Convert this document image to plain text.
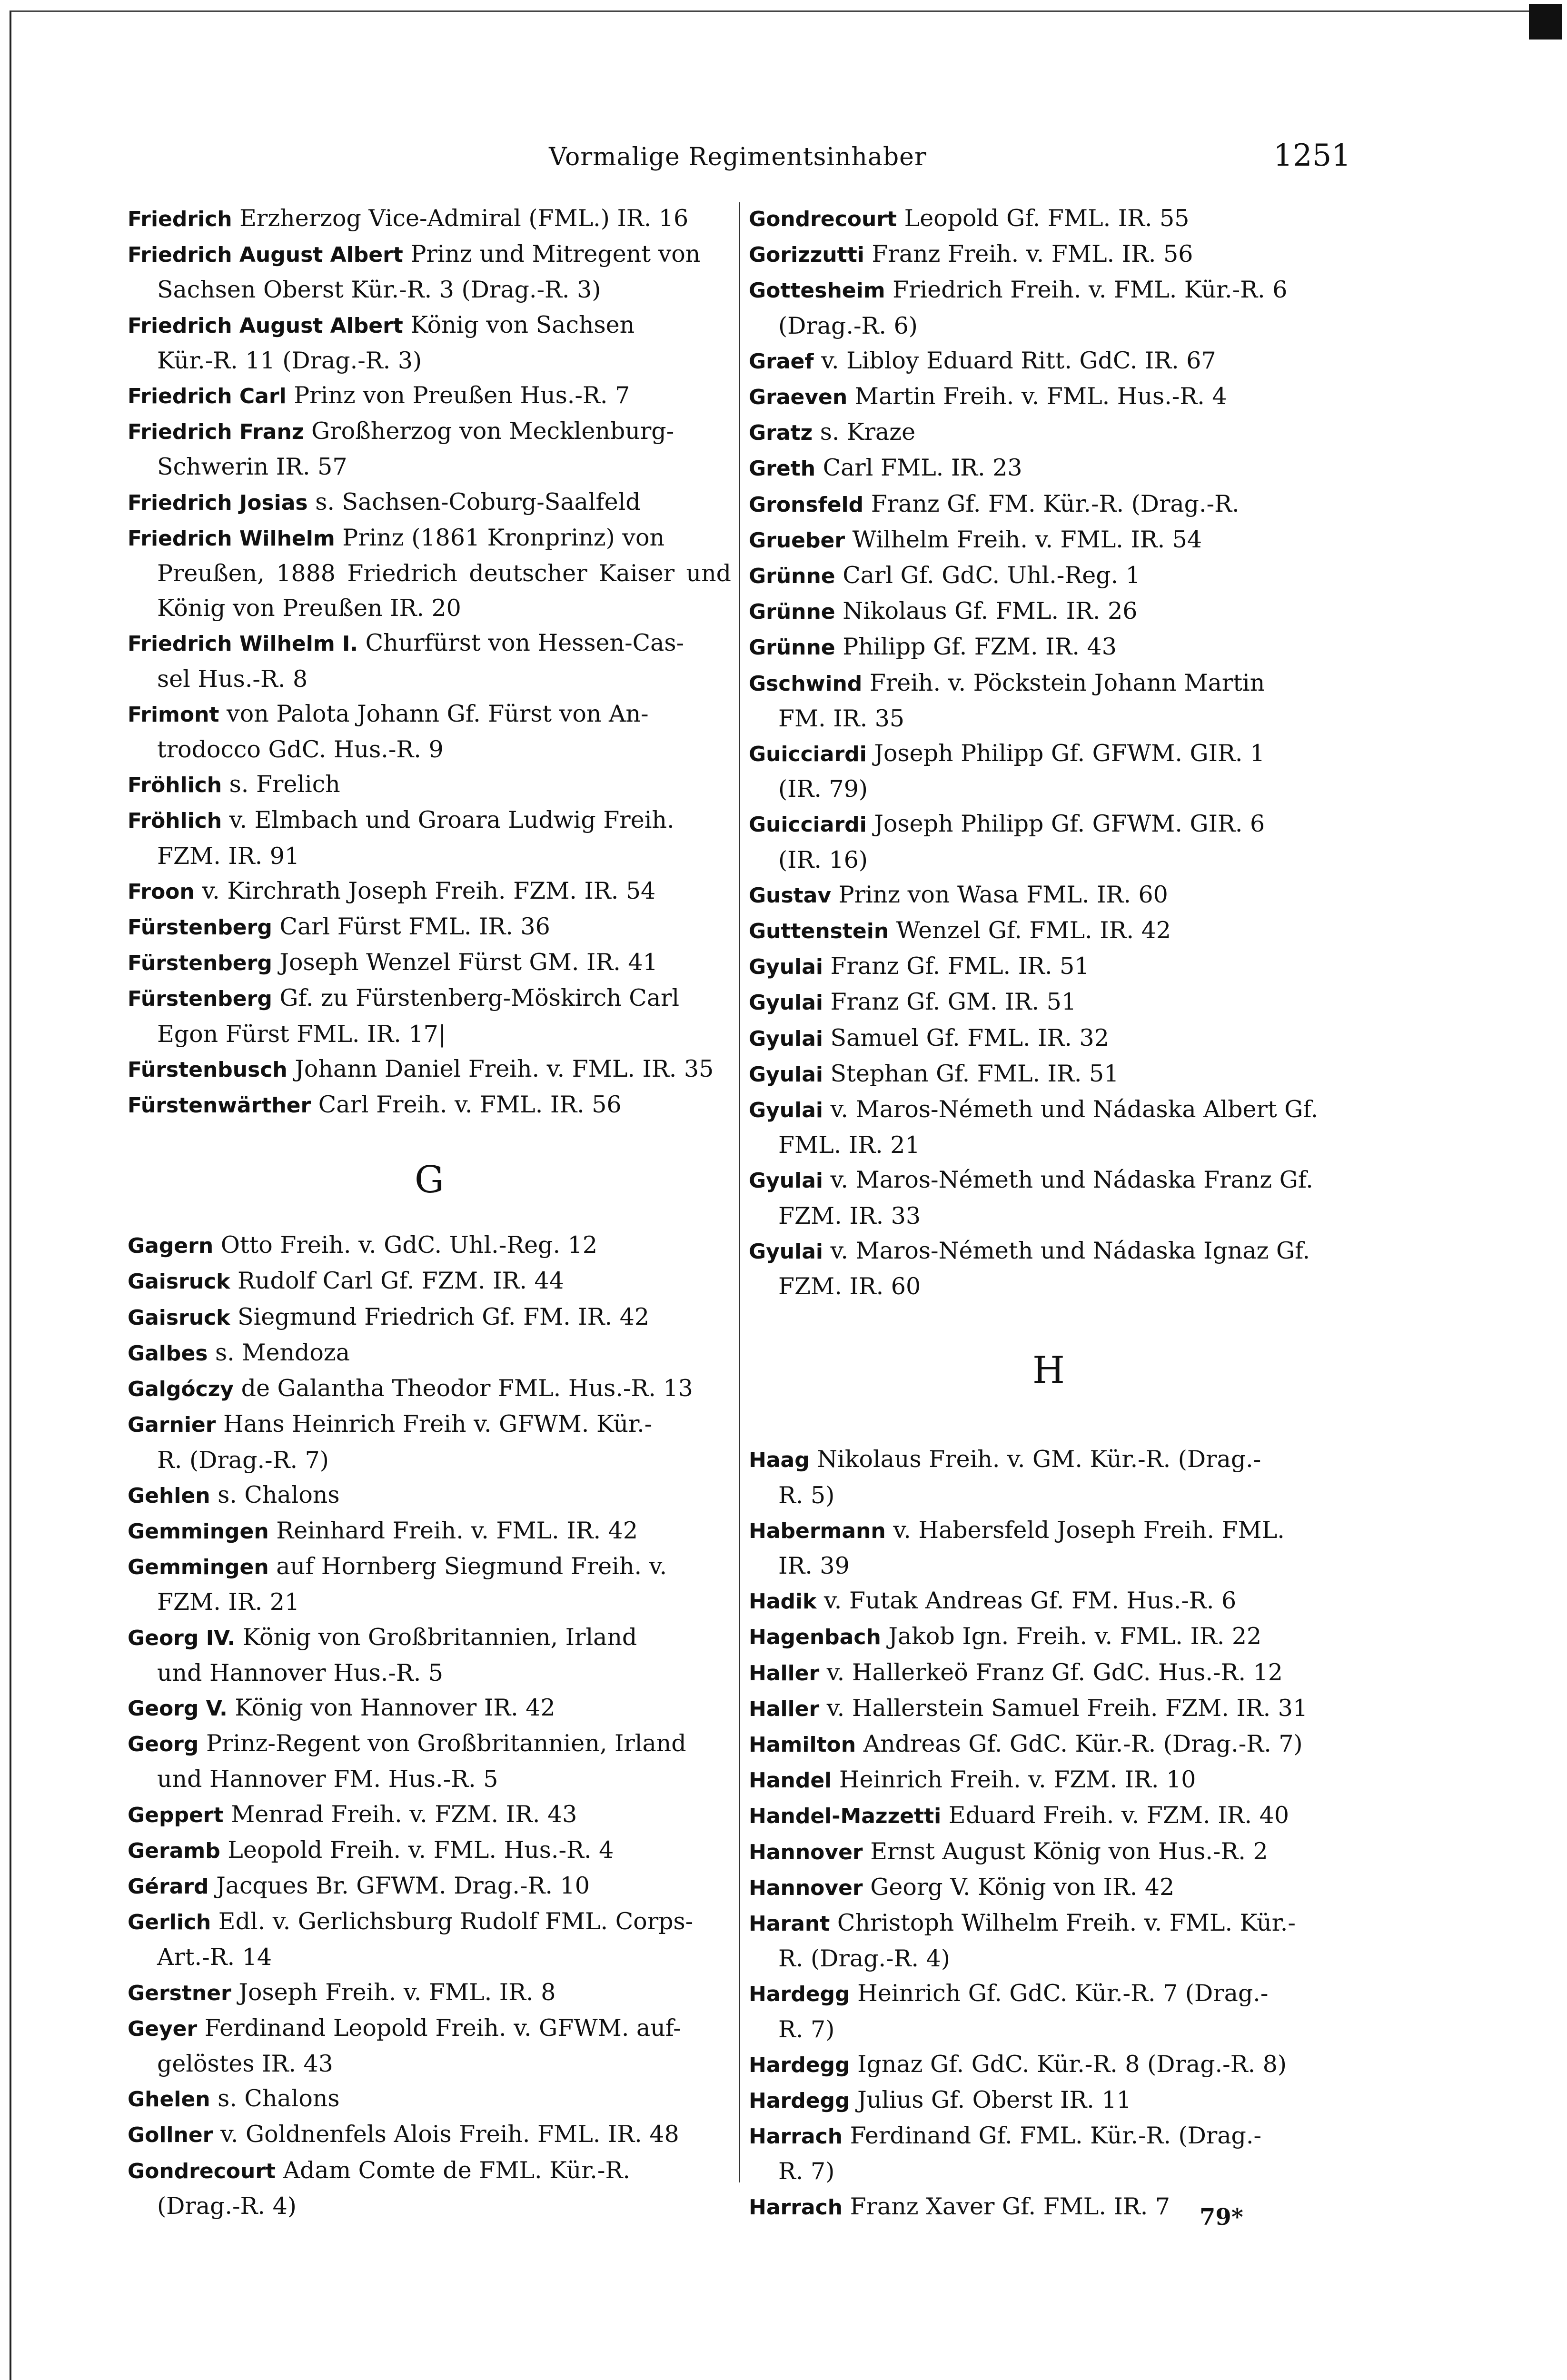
Vormalige Regimentsinhaber	1251

Friedrich Erzherzog Vice-Admiral (FML.) IR. 16

Friedrich August Albert Prinz und Mitregent von
Sachsen Oberst Kür.-R. 3 (Drag.-R. 3)

Friedrich August Albert König von Sachsen
Kür.-R. 11 (Drag.-R. 3)

Friedrich Carl Prinz von Preußen Hus.-R. 7

Friedrich Franz Großherzog von Mecklenburg-
Schwerin IR. 57

Friedrich Josias s. Sachsen-Coburg-Saalfeld

Friedrich Wilhelm Prinz (1861 Kronprinz) von
Preußen, 1888 Friedrich deutscher Kaiser und König von Preußen IR. 20

Friedrich Wilhelm I. Churfürst von Hessen-Cas-
sel Hus.-R. 8

Frimont von Palota Johann Gf. Fürst von An-
trodocco GdC. Hus.-R. 9

Fröhlich s. Frelich

Fröhlich v. Elmbach und Groara Ludwig Freih.
FZM. IR. 91

Froon v. Kirchrath Joseph Freih. FZM. IR. 54

Fürstenberg Carl Fürst FML. IR. 36

Fürstenberg Joseph Wenzel Fürst GM. IR. 41

Fürstenberg Gf. zu Fürstenberg-Möskirch Carl
Egon Fürst FML. IR. 17|

Fürstenbusch Johann Daniel Freih. v. FML. IR. 35

Fürstenwärther Carl Freih. v. FML. IR. 56

G

Gagern Otto Freih. v. GdC. Uhl.-Reg. 12

Gaisruck Rudolf Carl Gf. FZM. IR. 44

Gaisruck Siegmund Friedrich Gf. FM. IR. 42

Galbes s. Mendoza

Galgóczy de Galantha Theodor FML. Hus.-R. 13

Garnier Hans Heinrich Freih v. GFWM. Kür.-
R. (Drag.-R. 7)

Gehlen s. Chalons

Gemmingen Reinhard Freih. v. FML. IR. 42

Gemmingen auf Hornberg Siegmund Freih. v.
FZM. IR. 21

Georg IV. König von Großbritannien, Irland
und Hannover Hus.-R. 5

Georg V. König von Hannover IR. 42

Georg Prinz-Regent von Großbritannien, Irland
und Hannover FM. Hus.-R. 5

Geppert Menrad Freih. v. FZM. IR. 43

Geramb Leopold Freih. v. FML. Hus.-R. 4

Gérard Jacques Br. GFWM. Drag.-R. 10

Gerlich Edl. v. Gerlichsburg Rudolf FML. Corps-
Art.-R. 14

Gerstner Joseph Freih. v. FML. IR. 8

Geyer Ferdinand Leopold Freih. v. GFWM. auf-
gelöstes IR. 43

Ghelen s. Chalons

Gollner v. Goldnenfels Alois Freih. FML. IR. 48

Gondrecourt Adam Comte de FML. Kür.-R.
(Drag.-R. 4)

Gondrecourt Leopold Gf. FML. IR. 55

Gorizzutti Franz Freih. v. FML. IR. 56

Gottesheim Friedrich Freih. v. FML. Kür.-R. 6
(Drag.-R. 6)

Graef v. Libloy Eduard Ritt. GdC. IR. 67

Graeven Martin Freih. v. FML. Hus.-R. 4

Gratz s. Kraze

Greth Carl FML. IR. 23

Gronsfeld Franz Gf. FM. Kür.-R. (Drag.-R.

Grueber Wilhelm Freih. v. FML. IR. 54

Grünne Carl Gf. GdC. Uhl.-Reg. 1

Grünne Nikolaus Gf. FML. IR. 26

Grünne Philipp Gf. FZM. IR. 43

Gschwind Freih. v. Pöckstein Johann Martin
FM. IR. 35

Guicciardi Joseph Philipp Gf. GFWM. GIR. 1
(IR. 79)

Guicciardi Joseph Philipp Gf. GFWM. GIR. 6
(IR. 16)

Gustav Prinz von Wasa FML. IR. 60

Guttenstein Wenzel Gf. FML. IR. 42

Gyulai Franz Gf. FML. IR. 51

Gyulai Franz Gf. GM. IR. 51

Gyulai Samuel Gf. FML. IR. 32

Gyulai Stephan Gf. FML. IR. 51

Gyulai v. Maros-Németh und Nádaska Albert Gf.
FML. IR. 21

Gyulai v. Maros-Németh und Nádaska Franz Gf.
FZM. IR. 33

Gyulai v. Maros-Németh und Nádaska Ignaz Gf.
FZM. IR. 60

H

Haag Nikolaus Freih. v. GM. Kür.-R. (Drag.-
R. 5)

Habermann v. Habersfeld Joseph Freih. FML.
IR. 39

Hadik v. Futak Andreas Gf. FM. Hus.-R. 6

Hagenbach Jakob Ign. Freih. v. FML. IR. 22

Haller v. Hallerkeö Franz Gf. GdC. Hus.-R. 12

Haller v. Hallerstein Samuel Freih. FZM. IR. 31

Hamilton Andreas Gf. GdC. Kür.-R. (Drag.-R. 7)

Handel Heinrich Freih. v. FZM. IR. 10

Handel-Mazzetti Eduard Freih. v. FZM. IR. 40

Hannover Ernst August König von Hus.-R. 2

Hannover Georg V. König von IR. 42

Harant Christoph Wilhelm Freih. v. FML. Kür.-
R. (Drag.-R. 4)

Hardegg Heinrich Gf. GdC. Kür.-R. 7 (Drag.-
R. 7)

Hardegg Ignaz Gf. GdC. Kür.-R. 8 (Drag.-R. 8)

Hardegg Julius Gf. Oberst IR. 11

Harrach Ferdinand Gf. FML. Kür.-R. (Drag.-
R. 7)

Harrach Franz Xaver Gf. FML. IR. 7	79*
